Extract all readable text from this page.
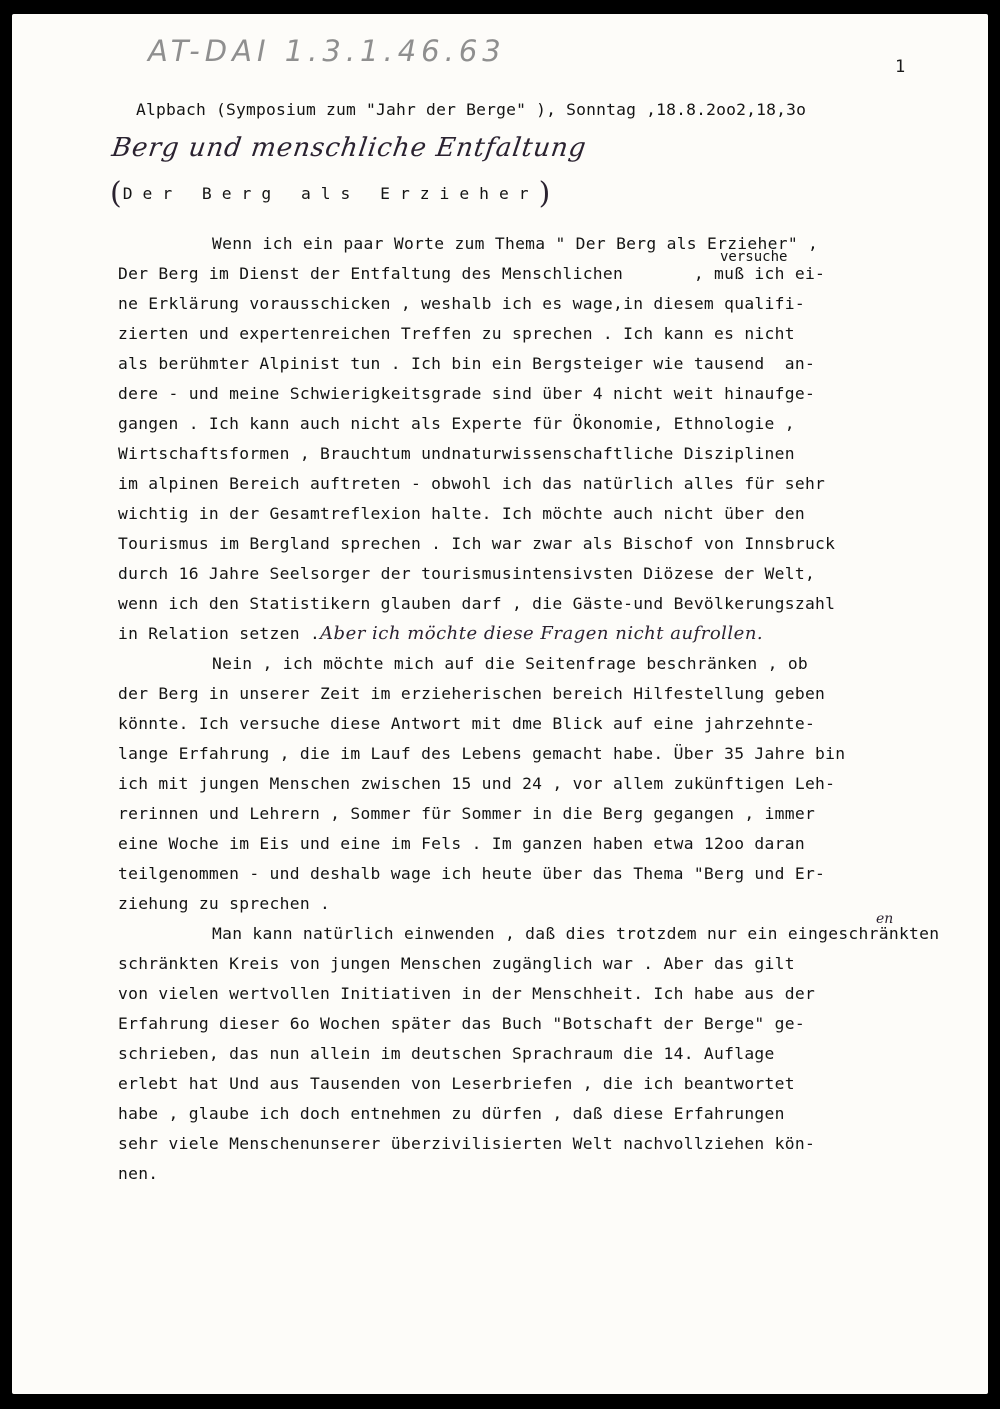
AT-DAI 1.3.1.46.63	1
Alpbach (Symposium zum "Jahr der Berge" ), Sonntag ,18.8.2oo2,18,3o
Berg und menschliche Entfaltung
(Der Berg als Erzieher)
versuche
en
Wenn ich ein paar Worte zum Thema " Der Berg als Erzieher" ,
Der Berg im Dienst der Entfaltung des Menschlichen       , muß ich ei-
ne Erklärung vorausschicken , weshalb ich es wage,in diesem qualifi-
zierten und expertenreichen Treffen zu sprechen . Ich kann es nicht
als berühmter Alpinist tun . Ich bin ein Bergsteiger wie tausend  an-
dere - und meine Schwierigkeitsgrade sind über 4 nicht weit hinaufge-
gangen . Ich kann auch nicht als Experte für Ökonomie, Ethnologie ,
Wirtschaftsformen , Brauchtum undnaturwissenschaftliche Disziplinen
im alpinen Bereich auftreten - obwohl ich das natürlich alles für sehr
wichtig in der Gesamtreflexion halte. Ich möchte auch nicht über den
Tourismus im Bergland sprechen . Ich war zwar als Bischof von Innsbruck
durch 16 Jahre Seelsorger der tourismusintensivsten Diözese der Welt,
wenn ich den Statistikern glauben darf , die Gäste-und Bevölkerungszahl
in Relation setzen .Aber ich möchte diese Fragen nicht aufrollen.
Nein , ich möchte mich auf die Seitenfrage beschränken , ob
der Berg in unserer Zeit im erzieherischen bereich Hilfestellung geben
könnte. Ich versuche diese Antwort mit dme Blick auf eine jahrzehnte-
lange Erfahrung , die im Lauf des Lebens gemacht habe. Über 35 Jahre bin
ich mit jungen Menschen zwischen 15 und 24 , vor allem zukünftigen Leh-
rerinnen und Lehrern , Sommer für Sommer in die Berg gegangen , immer
eine Woche im Eis und eine im Fels . Im ganzen haben etwa 12oo daran
teilgenommen - und deshalb wage ich heute über das Thema "Berg und Er-
ziehung zu sprechen .
Man kann natürlich einwenden , daß dies trotzdem nur ein eingeschränkten
schränkten Kreis von jungen Menschen zugänglich war . Aber das gilt
von vielen wertvollen Initiativen in der Menschheit. Ich habe aus der
Erfahrung dieser 6o Wochen später das Buch "Botschaft der Berge" ge-
schrieben, das nun allein im deutschen Sprachraum die 14. Auflage
erlebt hat Und aus Tausenden von Leserbriefen , die ich beantwortet
habe , glaube ich doch entnehmen zu dürfen , daß diese Erfahrungen
sehr viele Menschenunserer überzivilisierten Welt nachvollziehen kön-
nen.
